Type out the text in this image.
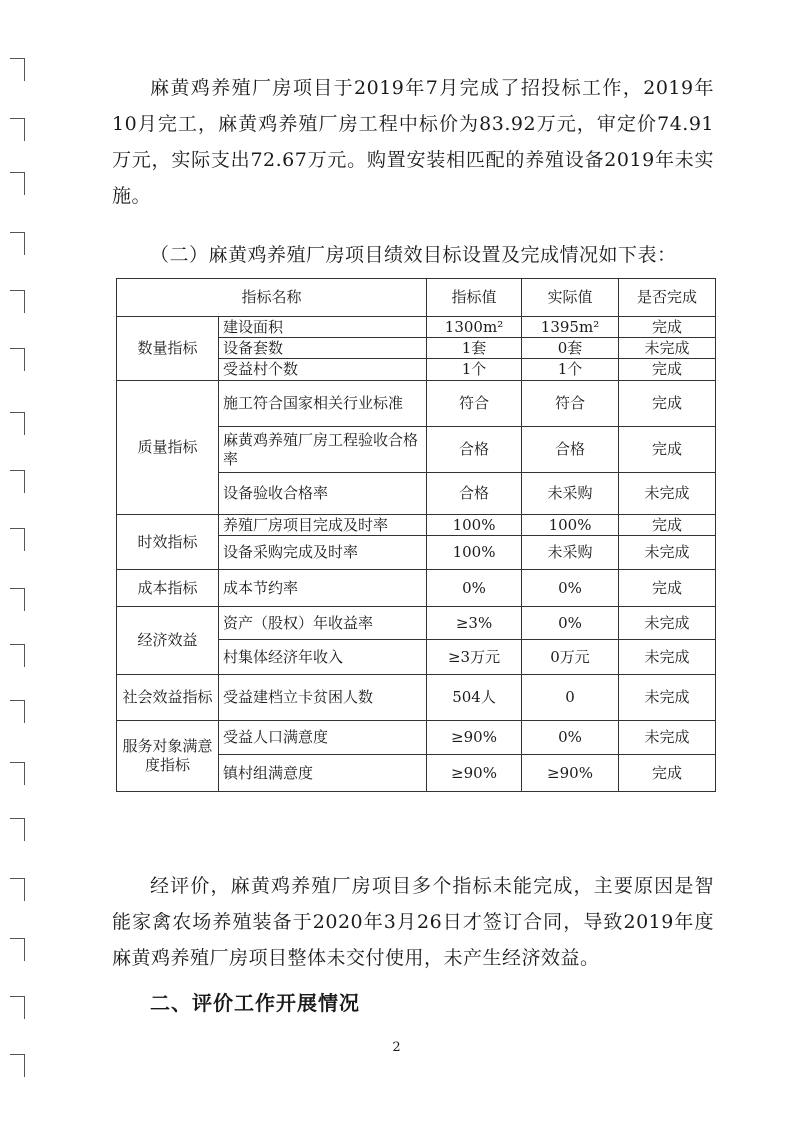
麻黄鸡养殖厂房项目于2019年7月完成了招投标工作，2019年10月完工，麻黄鸡养殖厂房工程中标价为83.92万元，审定价74.91万元，实际支出72.67万元。购置安装相匹配的养殖设备2019年未实施。

（二）麻黄鸡养殖厂房项目绩效目标设置及完成情况如下表：

指标名称		指标值	实际值	是否完成
数量指标	建设面积	1300m²	1395m²	完成
	设备套数	1套	0套	未完成
	受益村个数	1个	1个	完成
质量指标	施工符合国家相关行业标准	符合	符合	完成
	麻黄鸡养殖厂房工程验收合格率	合格	合格	完成
	设备验收合格率	合格	未采购	未完成
时效指标	养殖厂房项目完成及时率	100%	100%	完成
	设备采购完成及时率	100%	未采购	未完成
成本指标	成本节约率	0%	0%	完成
经济效益	资产（股权）年收益率	≥3%	0%	未完成
	村集体经济年收入	≥3万元	0万元	未完成
社会效益指标	受益建档立卡贫困人数	504人	0	未完成
服务对象满意度指标	受益人口满意度	≥90%	0%	未完成
	镇村组满意度	≥90%	≥90%	完成

经评价，麻黄鸡养殖厂房项目多个指标未能完成，主要原因是智能家禽农场养殖装备于2020年3月26日才签订合同，导致2019年度麻黄鸡养殖厂房项目整体未交付使用，未产生经济效益。

二、评价工作开展情况

2
